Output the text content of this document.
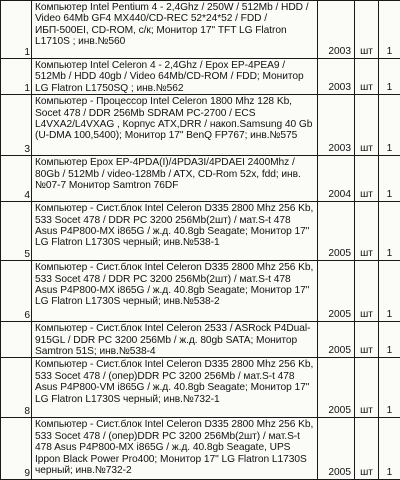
1	Компьютер Intel Pentium 4 - 2,4Ghz / 250W / 512Mb / HDD / Video 64Mb GF4 MX440/CD-REC 52*24*52 / FDD / ИБП-500EI, CD-ROM, с/к; Монитор 17" TFT LG Flatron L1710S ; инв.№560	2003	шт	1
1	Компьютер Intel Celeron 4 - 2,4Ghz / Epox EP-4PEA9 / 512Mb / HDD 40gb / Video 64Mb/CD-ROM / FDD; Монитор LG Flatron L1750SQ ; инв.№562	2003	шт	1
3	Компьютер - Процессор Intel Celeron 1800 Mhz 128 Kb, Socet 478 / DDR 256Mb SDRAM PC-2700 / ECS L4VXA2/L4VXAG , Корпус ATX,DRR / накоп.Samsung 40 Gb (U-DMA 100,5400); Монитор 17" BenQ FP767; инв.№575	2003	шт	1
4	Компьютер Epox EP-4PDA(I)/4PDA3I/4PDAEI 2400Mhz / 80Gb / 512Mb / video-128Mb / ATX, CD-Rom 52x, fdd; инв.№07-7 Монитор Samtron 76DF	2004	шт	1
5	Компьютер - Сист.блок Intel Celeron D335 2800 Mhz 256 Kb, 533 Socet 478 / DDR PC 3200 256Mb(2шт) / мат.S-t 478 Asus P4P800-MX i865G / ж.д. 40.8gb Seagate; Монитор 17" LG Flatron L1730S черный; инв.№538-1	2005	шт	1
6	Компьютер - Сист.блок Intel Celeron D335 2800 Mhz 256 Kb, 533 Socet 478 / DDR PC 3200 256Mb(2шт) / мат.S-t 478 Asus P4P800-MX i865G / ж.д. 40.8gb Seagate; Монитор 17" LG Flatron L1730S черный; инв.№538-2	2005	шт	1
	Компьютер - Сист.блок Intel Celeron 2533 / ASRock P4Dual-915GL / DDR PC 3200 256Mb / ж.д. 80gb SATA; Монитор Samtron 51S; инв.№538-4	2005	шт	1
8	Компьютер - Сист.блок Intel Celeron D335 2800 Mhz 256 Kb, 533 Socet 478 / (опер)DDR PC 3200 256Mb / мат.S-t 478 Asus P4P800-VM i865G / ж.д. 40.8gb Seagate; Монитор 17" LG Flatron L1730S черный; инв.№732-1	2005	шт	1
9	Компьютер - Сист.блок Intel Celeron D335 2800 Mhz 256 Kb, 533 Socet 478 / (опер)DDR PC 3200 256Mb(2шт) / мат.S-t 478 Asus P4P800-MX i865G / ж.д. 40.8gb Seagate, UPS Ippon Black Power Pro400; Монитор 17" LG Flatron L1730S черный; инв.№732-2	2005	шт	1
